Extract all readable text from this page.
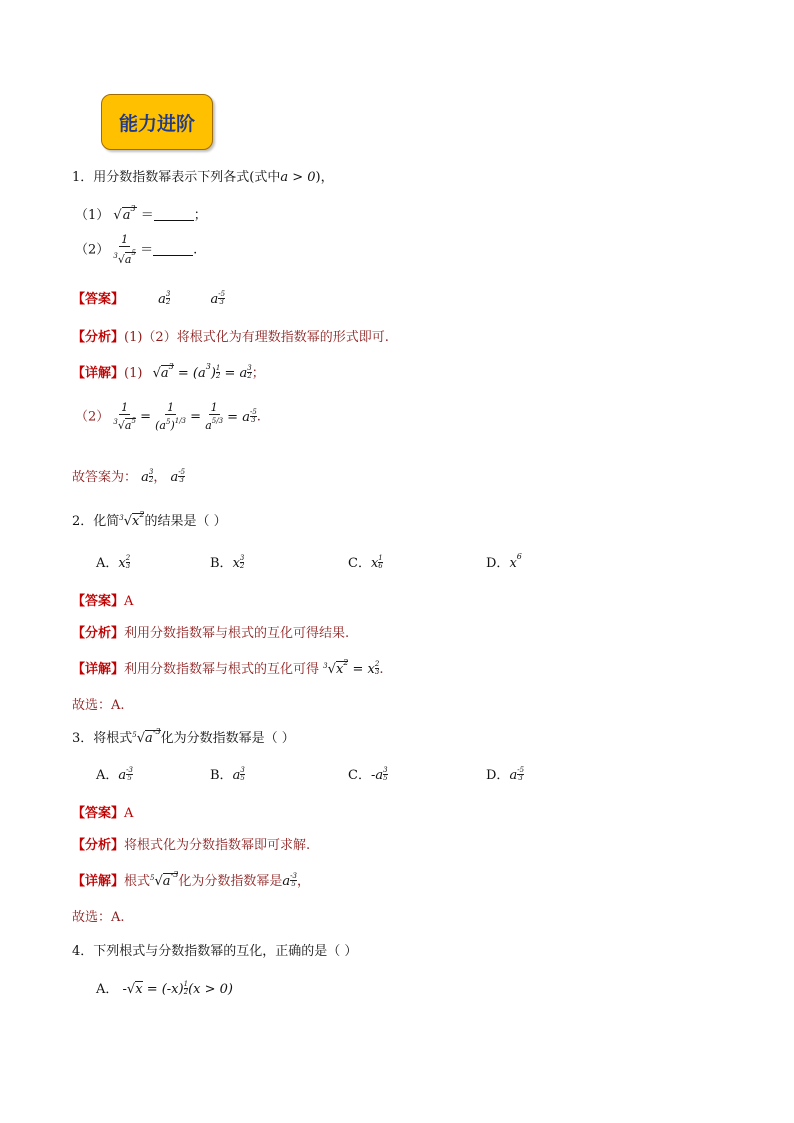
能力进阶
1．用分数指数幂表示下列各式(式中a > 0)，
（1） $√a^3$ ＝	；
$(2) \frac{1}{^3√a^5}$ ＝	.
【答案】	a $\frac{3}{2}$	a $\frac{-5}{3}$
【分析】(1)（2）将根式化为有理数指数幂的形式即可.
【详解】(1) $√a^3 = (a^3) \frac{1}{2} = a \frac{3}{2}$ ；
$(2) \frac{1}{^3√a^5} = \frac{1}{(a^5)^{1/3}} = \frac{1}{a^{5/3}} = a \frac{-5}{3}$ .
故答案为： a $\frac{3}{2}$ ， a $\frac{-5}{3}$
2．化简$^3√x^2$的结果是（ ）
A．x $\frac{2}{3}$	B．x $\frac{3}{2}$	C．x $\frac{1}{6}$	D．$x^6$
【答案】A
【分析】利用分数指数幂与根式的互化可得结果.
【详解】利用分数指数幂与根式的互化可得 $^3√x^2 = x \frac{2}{3}$ .
故选：A.
3．将根式$^5√a^{-3}$化为分数指数幂是（ ）
A．a $\frac{-3}{5}$	B．a $\frac{3}{5}$	C．$-a \frac{3}{5}$	D．a $\frac{-5}{3}$
【答案】A
【分析】将根式化为分数指数幂即可求解.
【详解】根式$^5√a^{-3}$化为分数指数幂是a $\frac{-3}{5}$ ，
故选：A.
4．下列根式与分数指数幂的互化，正确的是（ ）
A． $-√x = (-x) \frac{1}{2} (x > 0)$
